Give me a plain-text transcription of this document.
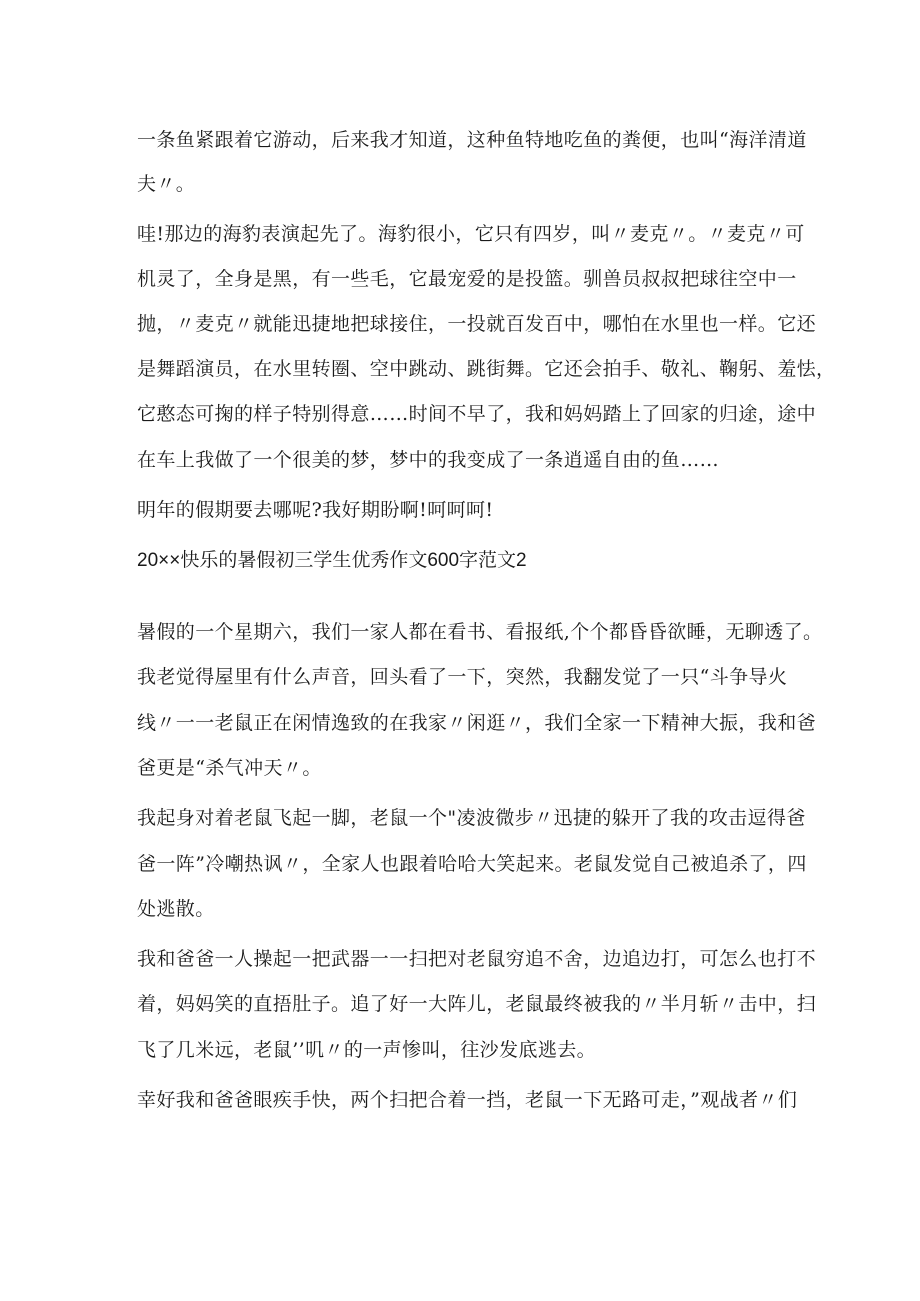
一条鱼紧跟着它游动，后来我才知道，这种鱼特地吃鱼的粪便，也叫“海洋清道
夫〃。
哇!那边的海豹表演起先了。海豹很小，它只有四岁，叫〃麦克〃。〃麦克〃可
机灵了，全身是黑，有一些毛，它最宠爱的是投篮。驯兽员叔叔把球往空中一
抛，〃麦克〃就能迅捷地把球接住，一投就百发百中，哪怕在水里也一样。它还
是舞蹈演员，在水里转圈、空中跳动、跳街舞。它还会拍手、敬礼、鞠躬、羞怯，
它憨态可掬的样子特别得意……时间不早了，我和妈妈踏上了回家的归途，途中
在车上我做了一个很美的梦，梦中的我变成了一条逍遥自由的鱼……
明年的假期要去哪呢?我好期盼啊!呵呵呵!
20××快乐的暑假初三学生优秀作文600字范文2
暑假的一个星期六，我们一家人都在看书、看报纸,个个都昏昏欲睡，无聊透了。
我老觉得屋里有什么声音，回头看了一下，突然，我翻发觉了一只“斗争导火
线〃一一老鼠正在闲情逸致的在我家〃闲逛〃，我们全家一下精神大振，我和爸
爸更是“杀气冲天〃。
我起身对着老鼠飞起一脚，老鼠一个"凌波微步〃迅捷的躲开了我的攻击逗得爸
爸一阵”冷嘲热讽〃，全家人也跟着哈哈大笑起来。老鼠发觉自己被追杀了，四
处逃散。
我和爸爸一人操起一把武器一一扫把对老鼠穷追不舍，边追边打，可怎么也打不
着，妈妈笑的直捂肚子。追了好一大阵儿，老鼠最终被我的〃半月斩〃击中，扫
飞了几米远，老鼠’’叽〃的一声惨叫，往沙发底逃去。
幸好我和爸爸眼疾手快，两个扫把合着一挡，老鼠一下无路可走，”观战者〃们
